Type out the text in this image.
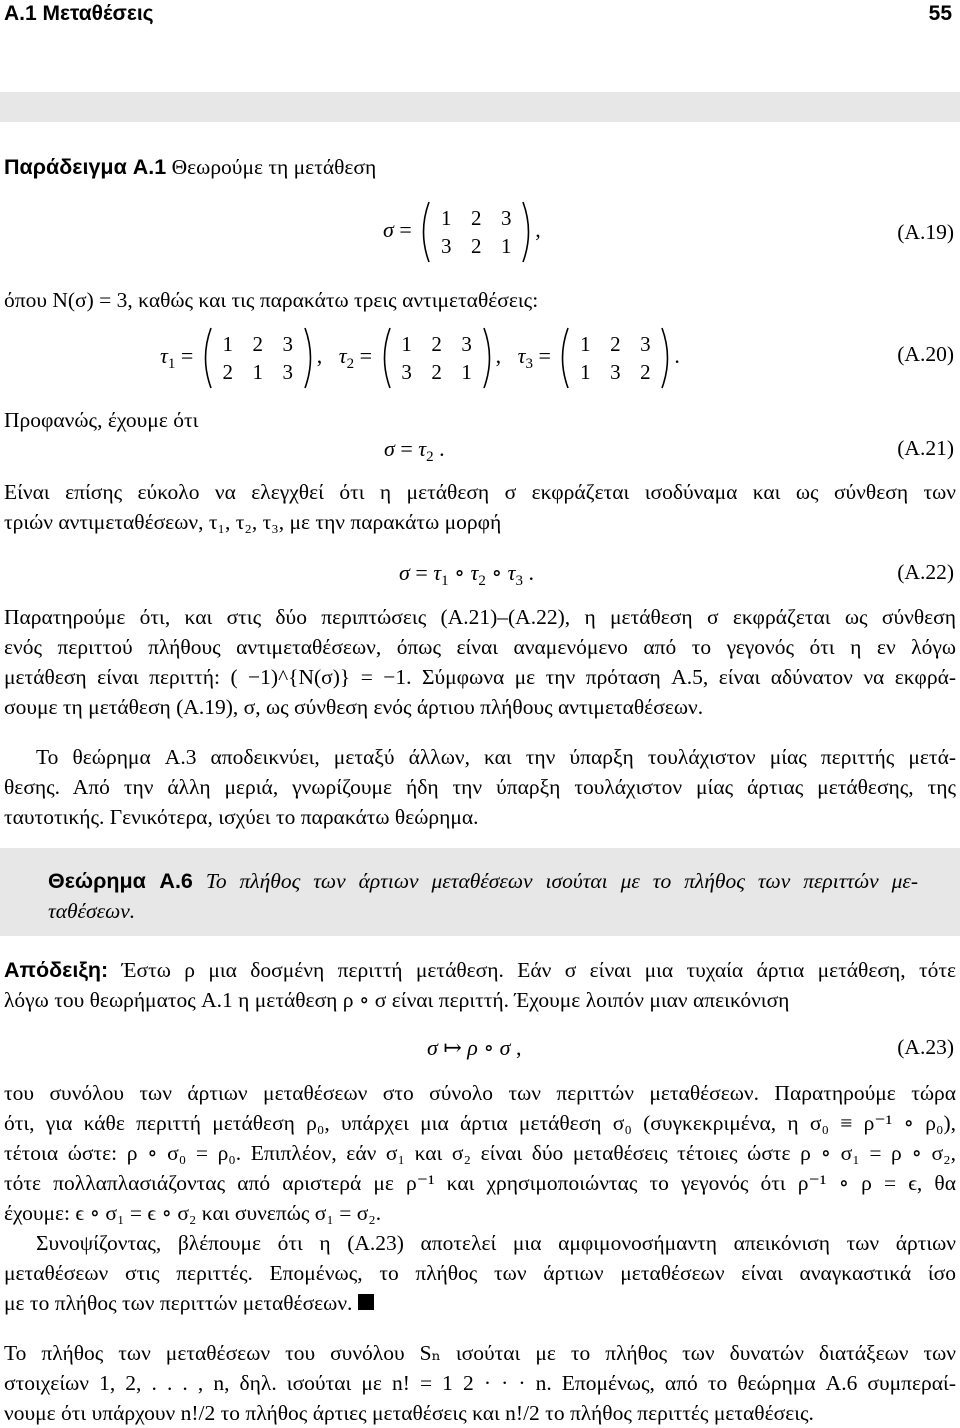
A.1 Μεταθέσεις	55
Παράδειγμα A.1 Θεωρούμε τη μετάθεση
σ =	1 2 3
3 2 1
,	(A.19)
όπου N(σ) = 3, καθώς και τις παρακάτω τρεις αντιμεταθέσεις:
$\tau_1$ =	1 2 3
2 1 3
,   $\tau_2$ =	1 2 3
3 2 1
,   $\tau_3$ =	1 2 3
1 3 2
.	(A.20)
Προφανώς, έχουμε ότι
$\sigma = \tau_2$ .	(A.21)
Είναι επίσης εύκολο να ελεγχθεί ότι η μετάθεση σ εκφράζεται ισοδύναμα και ως σύνθεση των
τριών αντιμεταθέσεων, τ₁, τ₂, τ₃, με την παρακάτω μορφή
$\sigma = \tau_1$ ∘ $\tau_2$ ∘ $\tau_3$ .	(A.22)
Παρατηρούμε ότι, και στις δύο περιπτώσεις (A.21)–(A.22), η μετάθεση σ εκφράζεται ως σύνθεση
ενός περιττού πλήθους αντιμεταθέσεων, όπως είναι αναμενόμενο από το γεγονός ότι η εν λόγω
μετάθεση είναι περιττή: ( −1)^{N(σ)} = −1. Σύμφωνα με την πρόταση A.5, είναι αδύνατον να εκφρά-
σουμε τη μετάθεση (A.19), σ, ως σύνθεση ενός άρτιου πλήθους αντιμεταθέσεων.
Το θεώρημα A.3 αποδεικνύει, μεταξύ άλλων, και την ύπαρξη τουλάχιστον μίας περιττής μετά-
θεσης. Από την άλλη μεριά, γνωρίζουμε ήδη την ύπαρξη τουλάχιστον μίας άρτιας μετάθεσης, της
ταυτοτικής. Γενικότερα, ισχύει το παρακάτω θεώρημα.
Θεώρημα A.6 Το πλήθος των άρτιων μεταθέσεων ισούται με το πλήθος των περιττών με-
ταθέσεων.
Απόδειξη: Έστω ρ μια δοσμένη περιττή μετάθεση. Εάν σ είναι μια τυχαία άρτια μετάθεση, τότε
λόγω του θεωρήματος A.1 η μετάθεση ρ ∘ σ είναι περιττή. Έχουμε λοιπόν μιαν απεικόνιση
σ ↦ ρ ∘ σ ,	(A.23)
του συνόλου των άρτιων μεταθέσεων στο σύνολο των περιττών μεταθέσεων. Παρατηρούμε τώρα
ότι, για κάθε περιττή μετάθεση ρ₀, υπάρχει μια άρτια μετάθεση σ₀ (συγκεκριμένα, η σ₀ ≡ ρ⁻¹ ∘ ρ₀),
τέτοια ώστε: ρ ∘ σ₀ = ρ₀. Επιπλέον, εάν σ₁ και σ₂ είναι δύο μεταθέσεις τέτοιες ώστε ρ ∘ σ₁ = ρ ∘ σ₂,
τότε πολλαπλασιάζοντας από αριστερά με ρ⁻¹ και χρησιμοποιώντας το γεγονός ότι ρ⁻¹ ∘ ρ = ϵ, θα
έχουμε: ϵ ∘ σ₁ = ϵ ∘ σ₂ και συνεπώς σ₁ = σ₂.
Συνοψίζοντας, βλέπουμε ότι η (A.23) αποτελεί μια αμφιμονοσήμαντη απεικόνιση των άρτιων
μεταθέσεων στις περιττές. Επομένως, το πλήθος των άρτιων μεταθέσεων είναι αναγκαστικά ίσο
με το πλήθος των περιττών μεταθέσεων.
Το πλήθος των μεταθέσεων του συνόλου Sₙ ισούται με το πλήθος των δυνατών διατάξεων των
στοιχείων 1, 2, . . . , n, δηλ. ισούται με n! = 1 2 · · · n. Επομένως, από το θεώρημα A.6 συμπεραί-
νουμε ότι υπάρχουν n!/2 το πλήθος άρτιες μεταθέσεις και n!/2 το πλήθος περιττές μεταθέσεις.
